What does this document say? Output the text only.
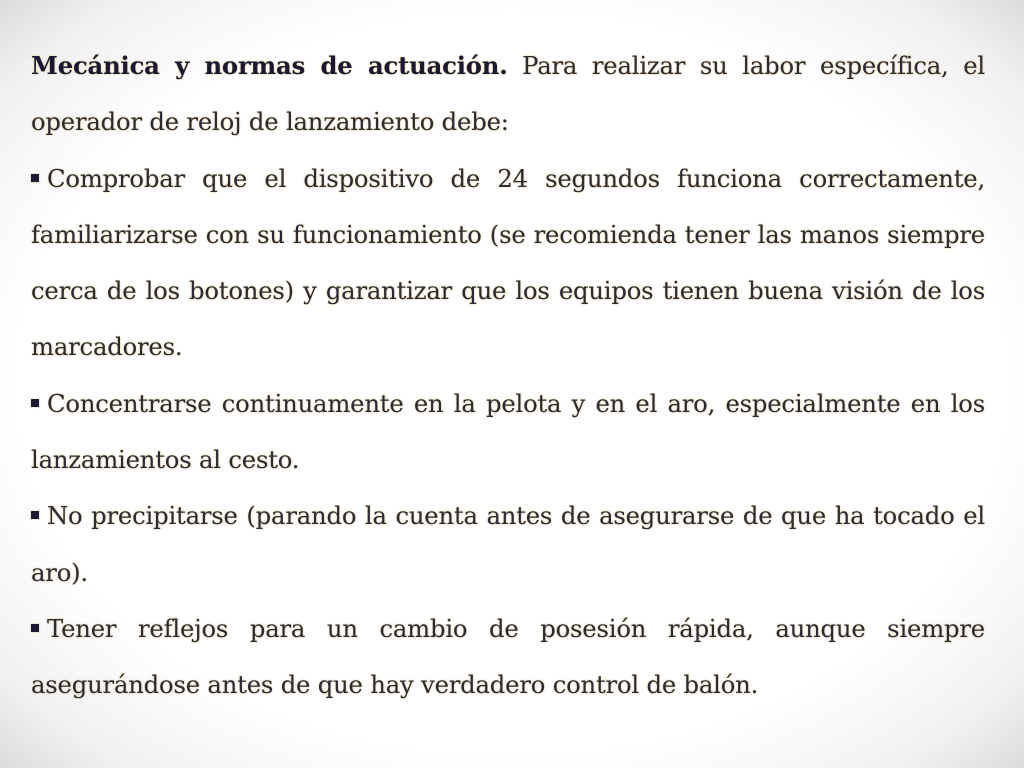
Mecánica y normas de actuación. Para realizar su labor específica, el operador de reloj de lanzamiento debe:

Comprobar que el dispositivo de 24 segundos funciona correctamente, familiarizarse con su funcionamiento (se recomienda tener las manos siempre cerca de los botones) y garantizar que los equipos tienen buena visión de los marcadores.

Concentrarse continuamente en la pelota y en el aro, especialmente en los lanzamientos al cesto.

No precipitarse (parando la cuenta antes de asegurarse de que ha tocado el aro).

Tener reflejos para un cambio de posesión rápida, aunque siempre asegurándose antes de que hay verdadero control de balón.
